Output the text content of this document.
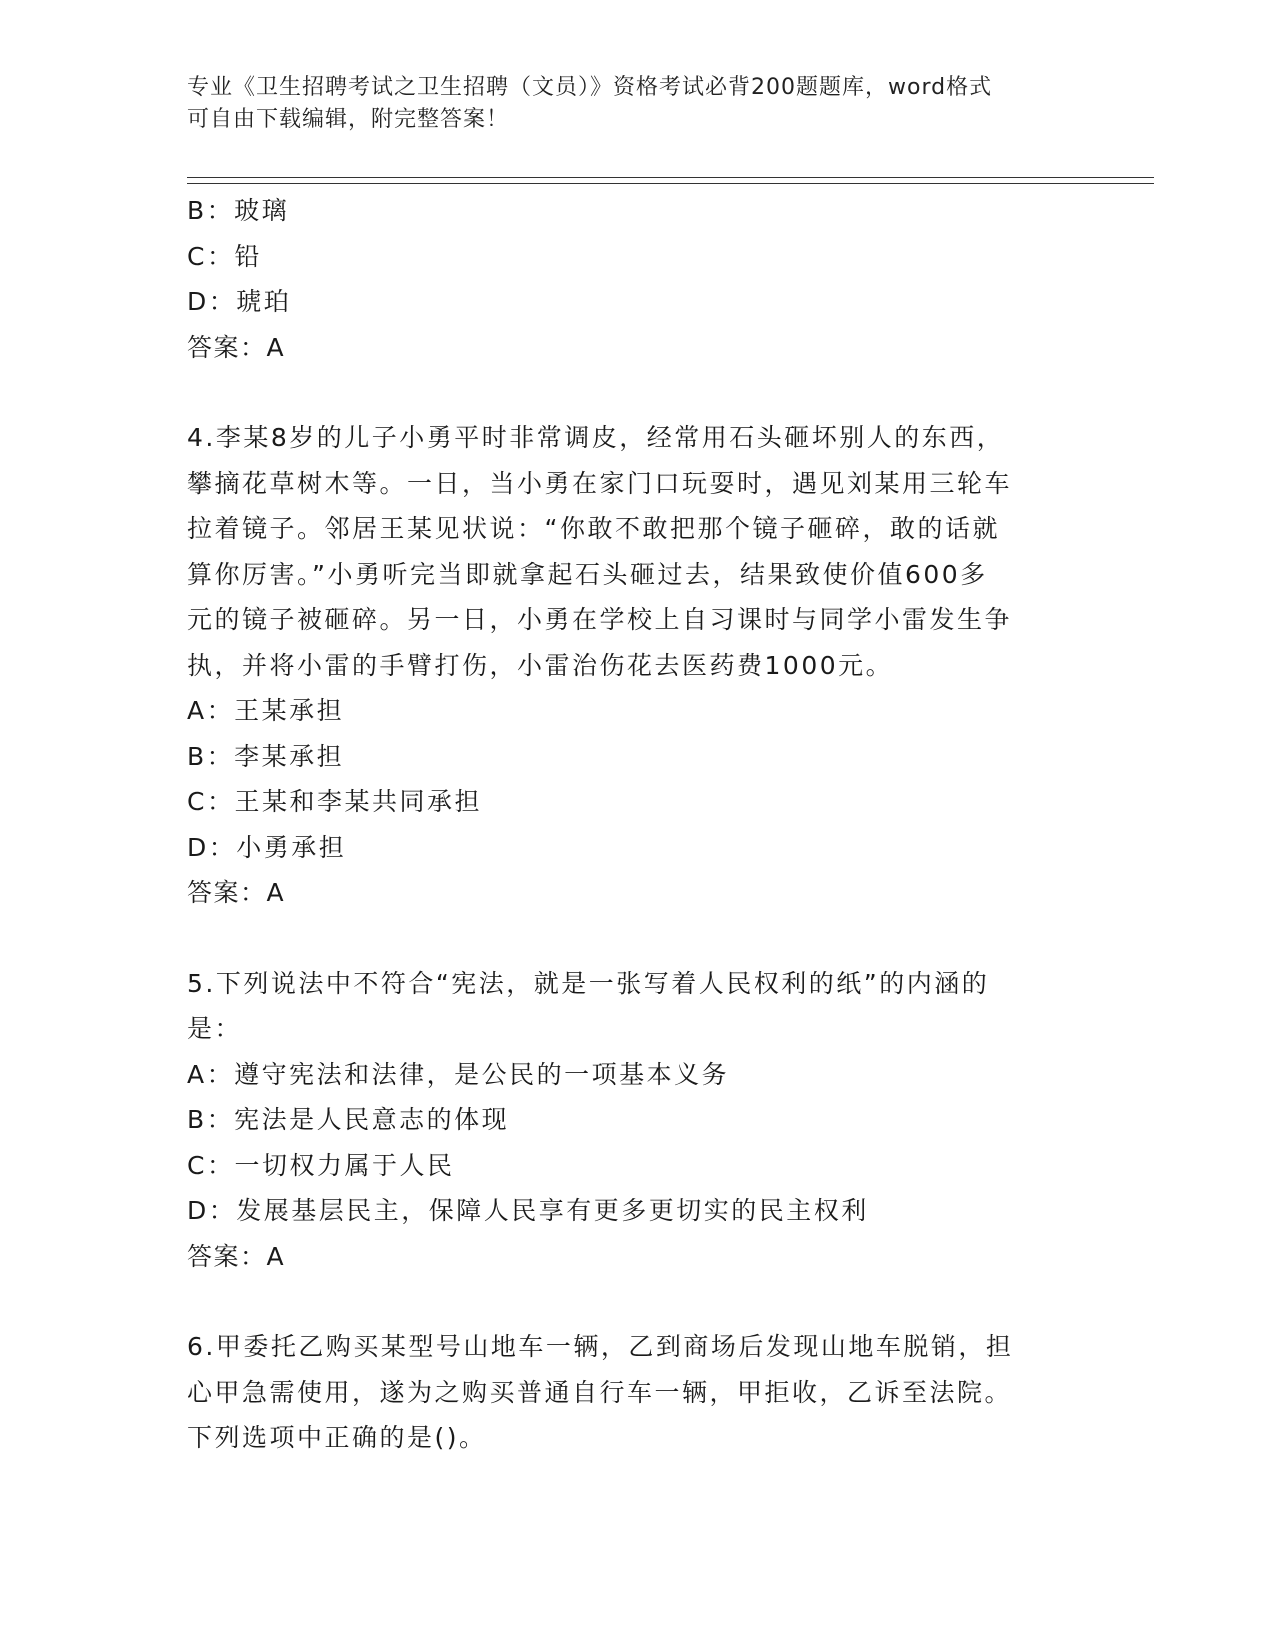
专业《卫生招聘考试之卫生招聘（文员）》资格考试必背200题题库，word格式
可自由下载编辑，附完整答案！
B：玻璃
C：铅
D：琥珀
答案：A
4.李某8岁的儿子小勇平时非常调皮，经常用石头砸坏别人的东西，
攀摘花草树木等。一日，当小勇在家门口玩耍时，遇见刘某用三轮车
拉着镜子。邻居王某见状说：“你敢不敢把那个镜子砸碎，敢的话就
算你厉害。”小勇听完当即就拿起石头砸过去，结果致使价值600多
元的镜子被砸碎。另一日，小勇在学校上自习课时与同学小雷发生争
执，并将小雷的手臂打伤，小雷治伤花去医药费1000元。
A：王某承担
B：李某承担
C：王某和李某共同承担
D：小勇承担
答案：A
5.下列说法中不符合“宪法，就是一张写着人民权利的纸”的内涵的
是：
A：遵守宪法和法律，是公民的一项基本义务
B：宪法是人民意志的体现
C：一切权力属于人民
D：发展基层民主，保障人民享有更多更切实的民主权利
答案：A
6.甲委托乙购买某型号山地车一辆，乙到商场后发现山地车脱销，担
心甲急需使用，遂为之购买普通自行车一辆，甲拒收，乙诉至法院。
下列选项中正确的是()。
